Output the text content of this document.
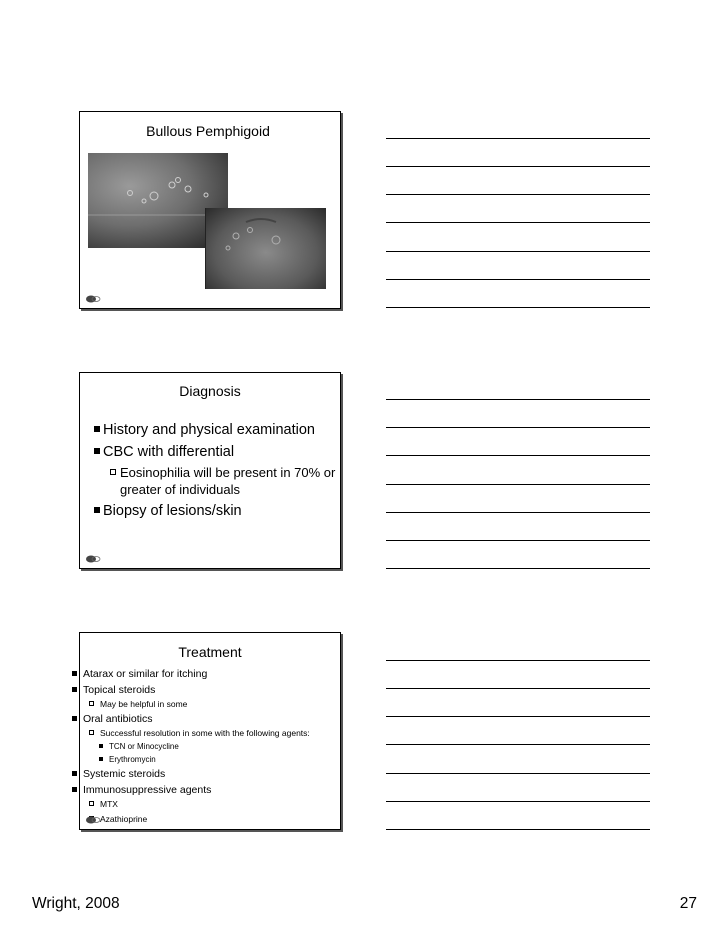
Bullous Pemphigoid
Diagnosis
History and physical examination
CBC with differential
Eosinophilia will be present in 70% or greater of individuals
Biopsy of lesions/skin
Treatment
Atarax or similar for itching
Topical steroids
May be helpful in some
Oral antibiotics
Successful resolution in some with the following agents:
TCN or Minocycline
Erythromycin
Systemic steroids
Immunosuppressive agents
MTX
Azathioprine
Wright, 2008	27
